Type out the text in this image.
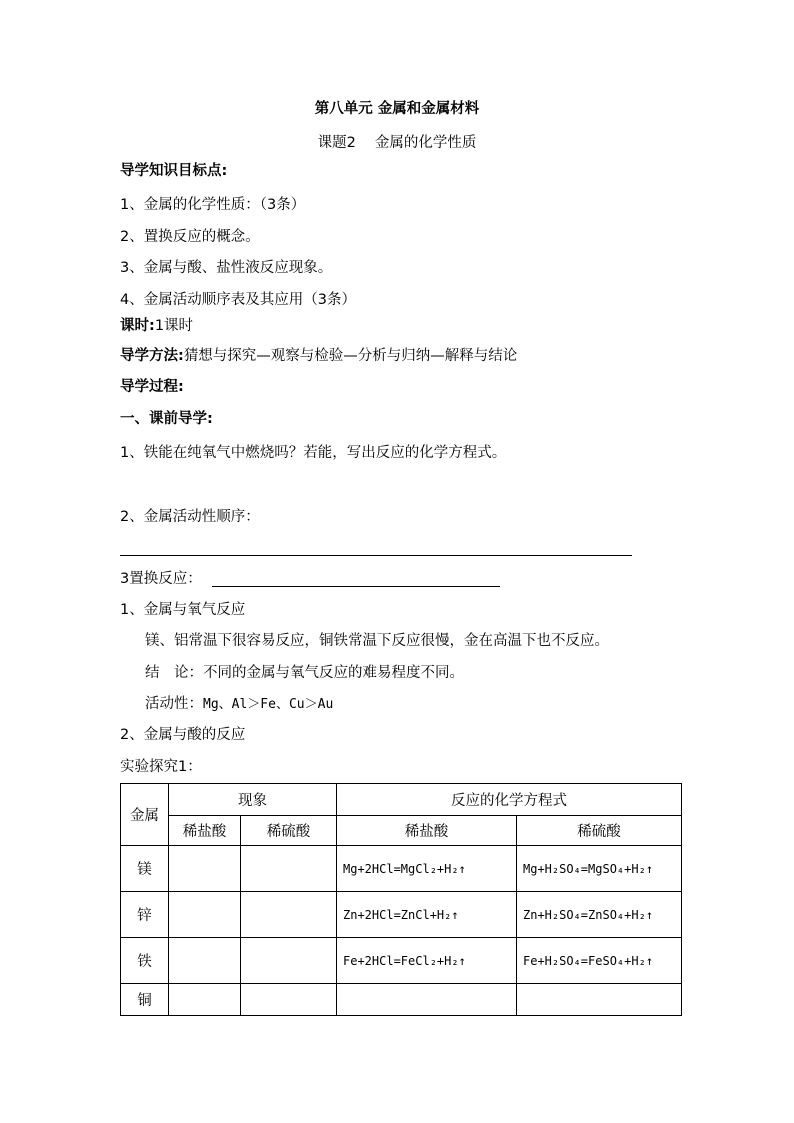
第八单元 金属和金属材料
课题2　 金属的化学性质
导学知识目标点:
1、金属的化学性质：（3条）
2、置换反应的概念。
3、金属与酸、盐性液反应现象。
4、金属活动顺序表及其应用（3条）
课时:1课时
导学方法:猜想与探究—观察与检验—分析与归纳—解释与结论
导学过程:
一、课前导学:
1、铁能在纯氧气中燃烧吗？若能，写出反应的化学方程式。
2、金属活动性顺序：
3置换反应：
1、金属与氧气反应
镁、铝常温下很容易反应，铜铁常温下反应很慢，金在高温下也不反应。
结　论：不同的金属与氧气反应的难易程度不同。
活动性：Mg、Al＞Fe、Cu＞Au
2、金属与酸的反应
实验探究1：
金属	现象		反应的化学方程式	
	稀盐酸	稀硫酸	稀盐酸	稀硫酸
镁			Mg+2HCl=MgCl₂+H₂↑	Mg+H₂SO₄=MgSO₄+H₂↑
锌			Zn+2HCl=ZnCl+H₂↑	Zn+H₂SO₄=ZnSO₄+H₂↑
铁			Fe+2HCl=FeCl₂+H₂↑	Fe+H₂SO₄=FeSO₄+H₂↑
铜				
